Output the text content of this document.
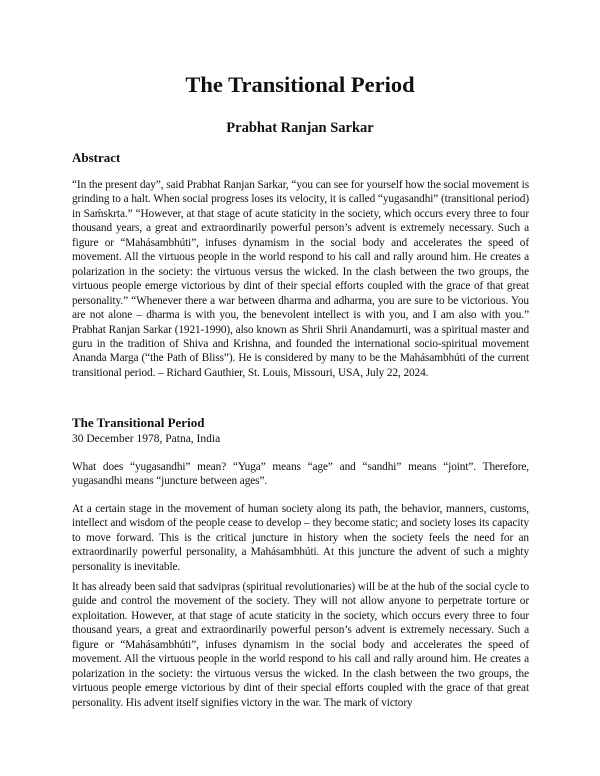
The Transitional Period
Prabhat Ranjan Sarkar
Abstract

“In the present day”, said Prabhat Ranjan Sarkar, “you can see for yourself how the social movement is grinding to a halt. When social progress loses its velocity, it is called “yugasandhi” (transitional period) in Saḿskrta.” “However, at that stage of acute staticity in the society, which occurs every three to four thousand years, a great and extraordinarily powerful person’s advent is extremely necessary. Such a figure or “Mahásambhúti”, infuses dynamism in the social body and accelerates the speed of movement. All the virtuous people in the world respond to his call and rally around him. He creates a polarization in the society: the virtuous versus the wicked. In the clash between the two groups, the virtuous people emerge victorious by dint of their special efforts coupled with the grace of that great personality.” “Whenever there a war between dharma and adharma, you are sure to be victorious. You are not alone – dharma is with you, the benevolent intellect is with you, and I am also with you.” Prabhat Ranjan Sarkar (1921-1990), also known as Shrii Shrii Anandamurti, was a spiritual master and guru in the tradition of Shiva and Krishna, and founded the international socio-spiritual movement Ananda Marga (“the Path of Bliss”). He is considered by many to be the Mahásambhúti of the current transitional period. – Richard Gauthier, St. Louis, Missouri, USA, July 22, 2024.

The Transitional Period
30 December 1978, Patna, India

What does “yugasandhi” mean? “Yuga” means “age” and “sandhi” means “joint”. Therefore, yugasandhi means “juncture between ages”.

At a certain stage in the movement of human society along its path, the behavior, manners, customs, intellect and wisdom of the people cease to develop – they become static; and society loses its capacity to move forward. This is the critical juncture in history when the society feels the need for an extraordinarily powerful personality, a Mahásambhúti. At this juncture the advent of such a mighty personality is inevitable.

It has already been said that sadvipras (spiritual revolutionaries) will be at the hub of the social cycle to guide and control the movement of the society. They will not allow anyone to perpetrate torture or exploitation. However, at that stage of acute staticity in the society, which occurs every three to four thousand years, a great and extraordinarily powerful person’s advent is extremely necessary. Such a figure or “Mahásambhúti”, infuses dynamism in the social body and accelerates the speed of movement. All the virtuous people in the world respond to his call and rally around him. He creates a polarization in the society: the virtuous versus the wicked. In the clash between the two groups, the virtuous people emerge victorious by dint of their special efforts coupled with the grace of that great personality. His advent itself signifies victory in the war. The mark of victory
